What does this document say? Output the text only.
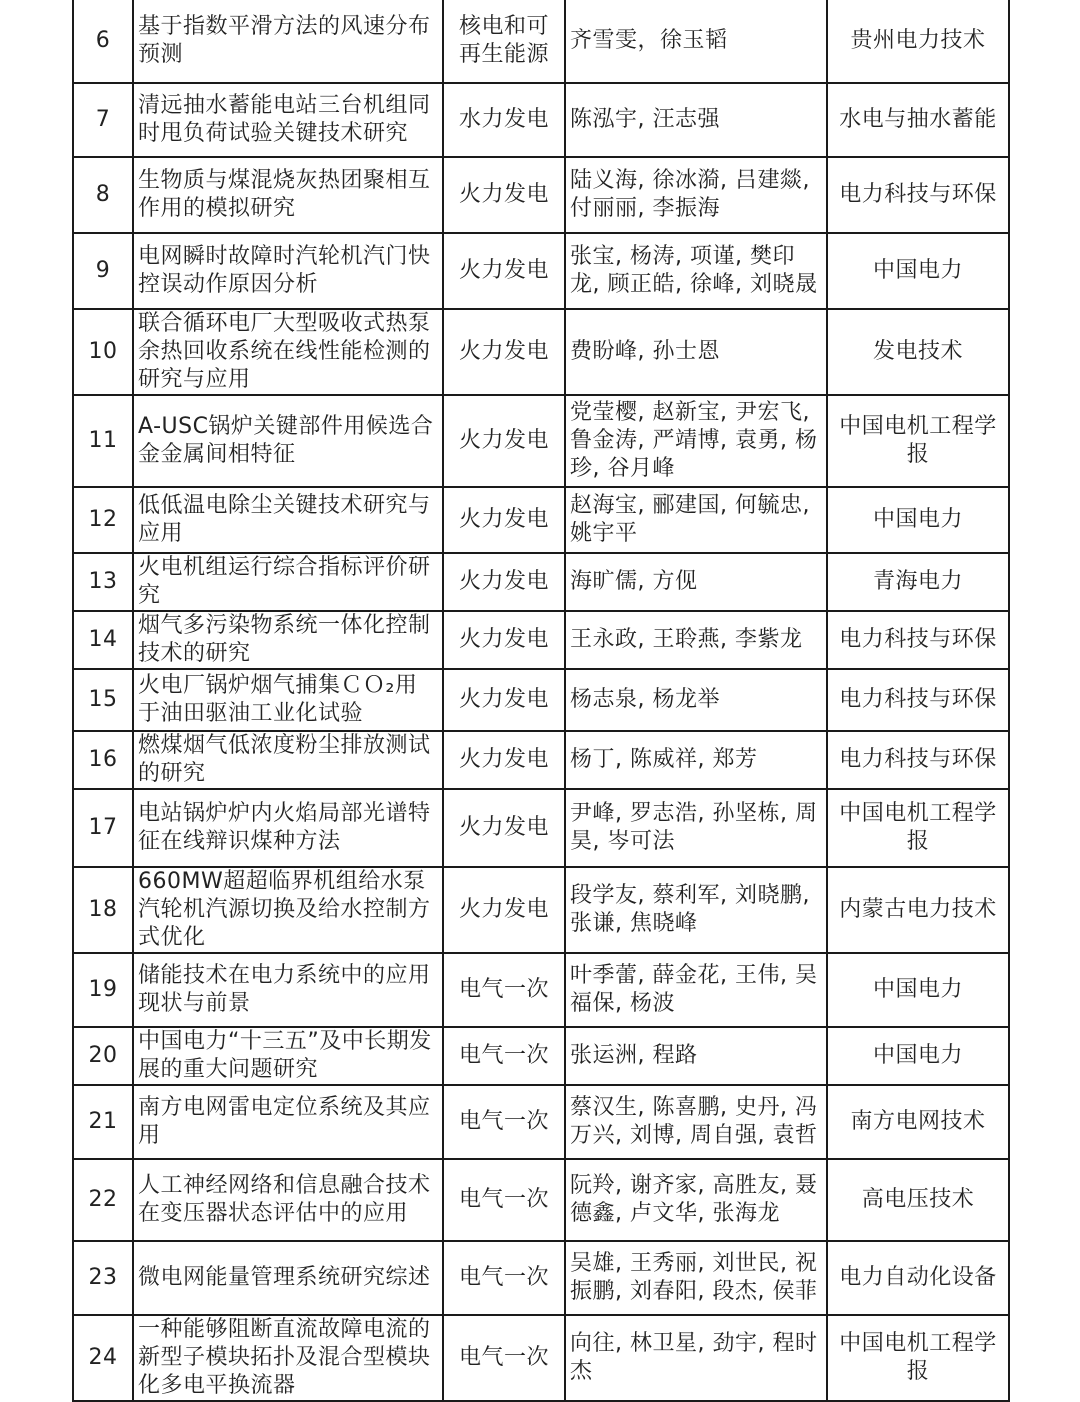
6	基于指数平滑方法的风速分布预测	核电和可再生能源	齐雪雯，徐玉韬	贵州电力技术
7	清远抽水蓄能电站三台机组同时甩负荷试验关键技术研究	水力发电	陈泓宇, 汪志强	水电与抽水蓄能
8	生物质与煤混烧灰热团聚相互作用的模拟研究	火力发电	陆义海, 徐冰漪, 吕建燚, 付丽丽, 李振海	电力科技与环保
9	电网瞬时故障时汽轮机汽门快控误动作原因分析	火力发电	张宝, 杨涛, 项谨, 樊印龙, 顾正皓, 徐峰, 刘晓晟	中国电力
10	联合循环电厂大型吸收式热泵余热回收系统在线性能检测的研究与应用	火力发电	费盼峰, 孙士恩	发电技术
11	A-USC锅炉关键部件用候选合金金属间相特征	火力发电	党莹樱, 赵新宝, 尹宏飞, 鲁金涛, 严靖博, 袁勇, 杨珍, 谷月峰	中国电机工程学报
12	低低温电除尘关键技术研究与应用	火力发电	赵海宝, 郦建国, 何毓忠, 姚宇平	中国电力
13	火电机组运行综合指标评价研究	火力发电	海旷儒, 方伣	青海电力
14	烟气多污染物系统一体化控制技术的研究	火力发电	王永政, 王聆燕, 李紫龙	电力科技与环保
15	火电厂锅炉烟气捕集ＣＯ₂用于油田驱油工业化试验	火力发电	杨志泉, 杨龙举	电力科技与环保
16	燃煤烟气低浓度粉尘排放测试的研究	火力发电	杨丁, 陈威祥, 郑芳	电力科技与环保
17	电站锅炉炉内火焰局部光谱特征在线辩识煤种方法	火力发电	尹峰, 罗志浩, 孙坚栋, 周昊, 岑可法	中国电机工程学报
18	660MW超超临界机组给水泵汽轮机汽源切换及给水控制方式优化	火力发电	段学友, 蔡利军, 刘晓鹏, 张谦, 焦晓峰	内蒙古电力技术
19	储能技术在电力系统中的应用现状与前景	电气一次	叶季蕾, 薛金花, 王伟, 吴福保, 杨波	中国电力
20	中国电力“十三五”及中长期发展的重大问题研究	电气一次	张运洲, 程路	中国电力
21	南方电网雷电定位系统及其应用	电气一次	蔡汉生, 陈喜鹏, 史丹, 冯万兴, 刘博, 周自强, 袁哲	南方电网技术
22	人工神经网络和信息融合技术在变压器状态评估中的应用	电气一次	阮羚, 谢齐家, 高胜友, 聂德鑫, 卢文华, 张海龙	高电压技术
23	微电网能量管理系统研究综述	电气一次	吴雄, 王秀丽, 刘世民, 祝振鹏, 刘春阳, 段杰, 侯菲	电力自动化设备
24	一种能够阻断直流故障电流的新型子模块拓扑及混合型模块化多电平换流器	电气一次	向往, 林卫星, 劲宇, 程时杰	中国电机工程学报
